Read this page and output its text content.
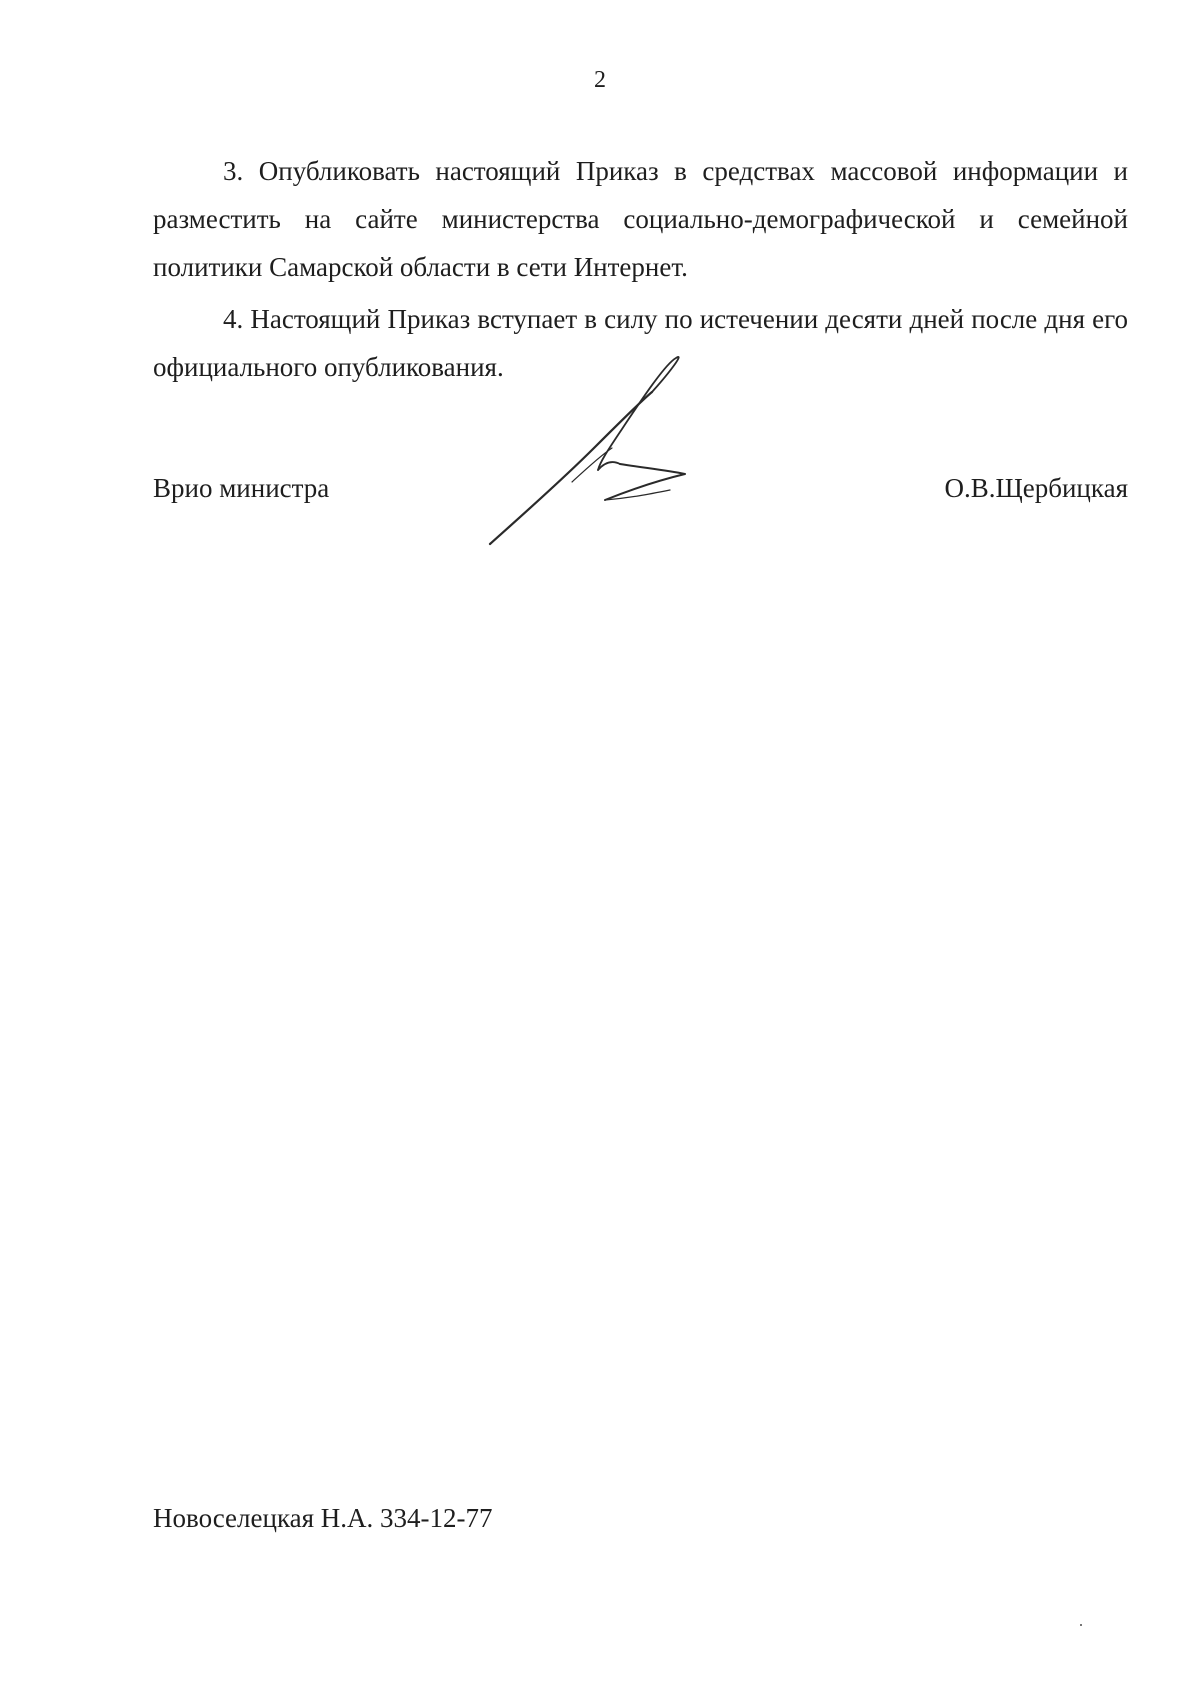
2

3. Опубликовать настоящий Приказ в средствах массовой информации и разместить на сайте министерства социально-демографической и семейной политики Самарской области в сети Интернет.

4. Настоящий Приказ вступает в силу по истечении десяти дней после дня его официального опубликования.

Врио министра	О.В.Щербицкая
Новоселецкая Н.А. 334-12-77
